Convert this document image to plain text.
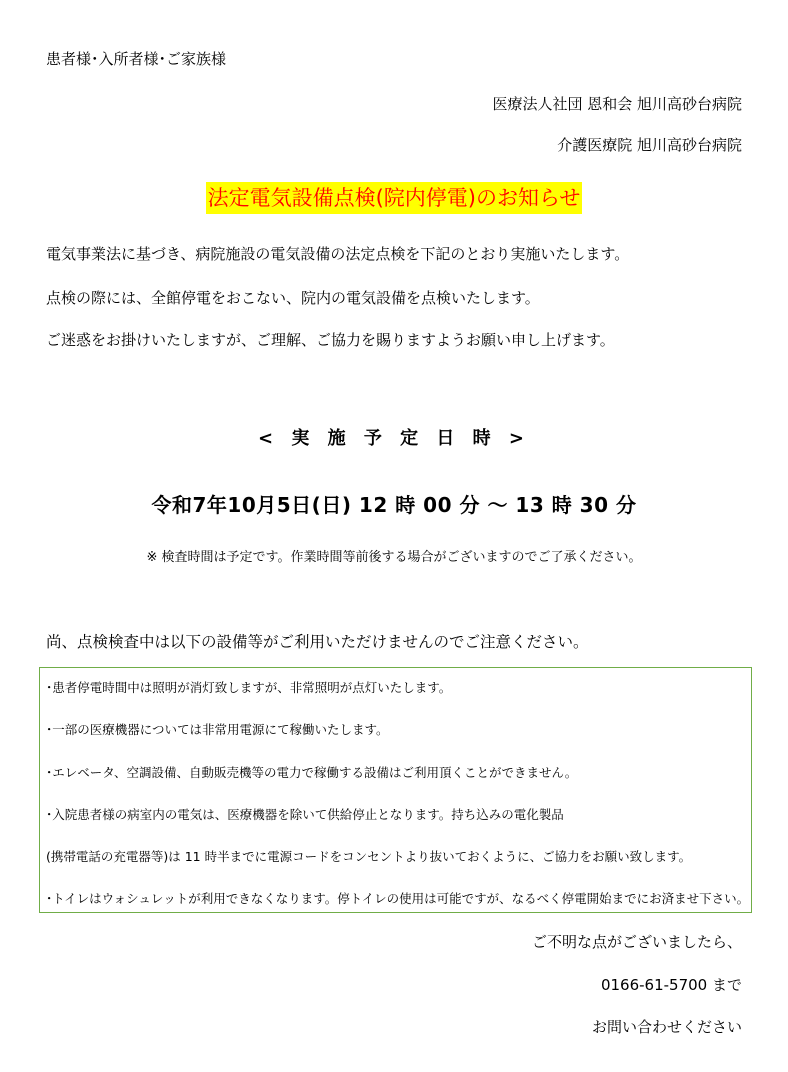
患者様･入所者様･ご家族様
医療法人社団 恩和会 旭川高砂台病院
介護医療院 旭川高砂台病院
法定電気設備点検(院内停電)のお知らせ
電気事業法に基づき、病院施設の電気設備の法定点検を下記のとおり実施いたします。
点検の際には、全館停電をおこない、院内の電気設備を点検いたします。
ご迷惑をお掛けいたしますが、ご理解、ご協力を賜りますようお願い申し上げます。
< 実 施 予 定 日 時 >
令和7年10月5日(日) 12 時 00 分 ～ 13 時 30 分
※ 検査時間は予定です。作業時間等前後する場合がございますのでご了承ください。
尚、点検検査中は以下の設備等がご利用いただけませんのでご注意ください。
･患者停電時間中は照明が消灯致しますが、非常照明が点灯いたします。
･一部の医療機器については非常用電源にて稼働いたします。
･エレベータ、空調設備、自動販売機等の電力で稼働する設備はご利用頂くことができません。
･入院患者様の病室内の電気は、医療機器を除いて供給停止となります。持ち込みの電化製品
(携帯電話の充電器等)は 11 時半までに電源コードをコンセントより抜いておくように、ご協力をお願い致します。
･トイレはウォシュレットが利用できなくなります。停トイレの使用は可能ですが、なるべく停電開始までにお済ませ下さい。
ご不明な点がございましたら、
0166-61-5700 まで
お問い合わせください
